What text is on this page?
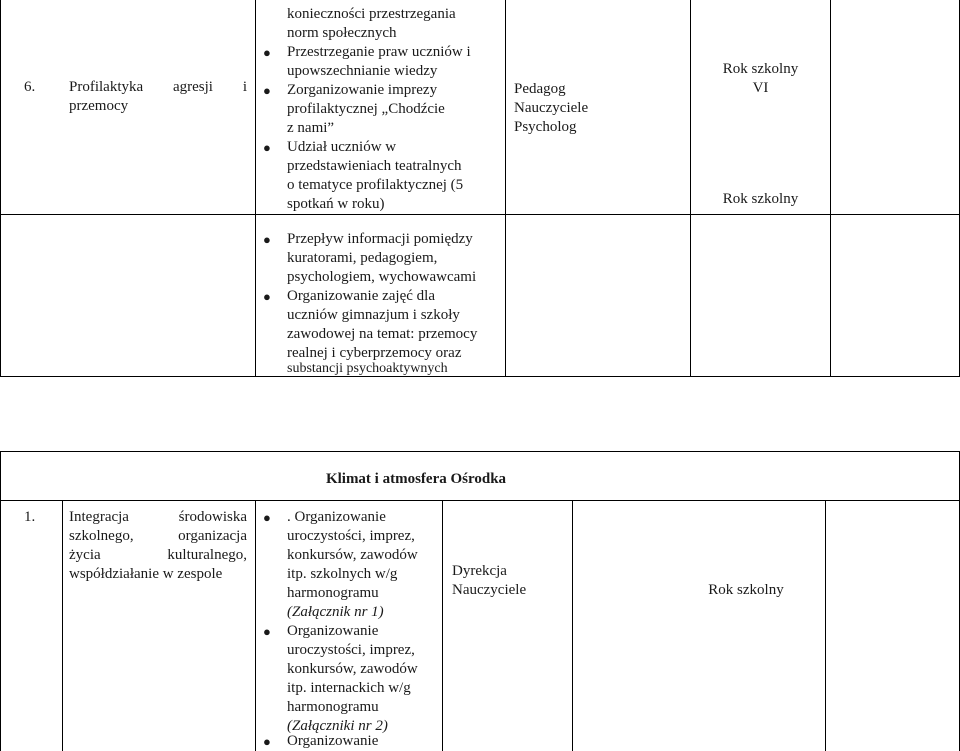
6. Profilaktyka agresji i
przemocy
konieczności przestrzegania
norm społecznych
● Przestrzeganie praw uczniów i
upowszechnianie wiedzy
● Zorganizowanie imprezy
profilaktycznej „Chodźcie
z nami”
● Udział uczniów w
przedstawieniach teatralnych
o tematyce profilaktycznej (5
spotkań w roku)
Pedagog
Nauczyciele
Psycholog
Rok szkolny
VI
Rok szkolny
● Przepływ informacji pomiędzy
kuratorami, pedagogiem,
psychologiem, wychowawcami
● Organizowanie zajęć dla
uczniów gimnazjum i szkoły
zawodowej na temat: przemocy
realnej i cyberprzemocy oraz
substancji psychoaktywnych
Klimat i atmosfera Ośrodka
1. Integracja środowiska
szkolnego, organizacja
życia kulturalnego,
współdziałanie w zespole
● . Organizowanie
uroczystości, imprez,
konkursów, zawodów
itp. szkolnych w/g
harmonogramu
(Załącznik nr 1)
● Organizowanie
uroczystości, imprez,
konkursów, zawodów
itp. internackich w/g
harmonogramu
(Załączniki nr 2)
● Organizowanie
Dyrekcja
Nauczyciele	Rok szkolny
